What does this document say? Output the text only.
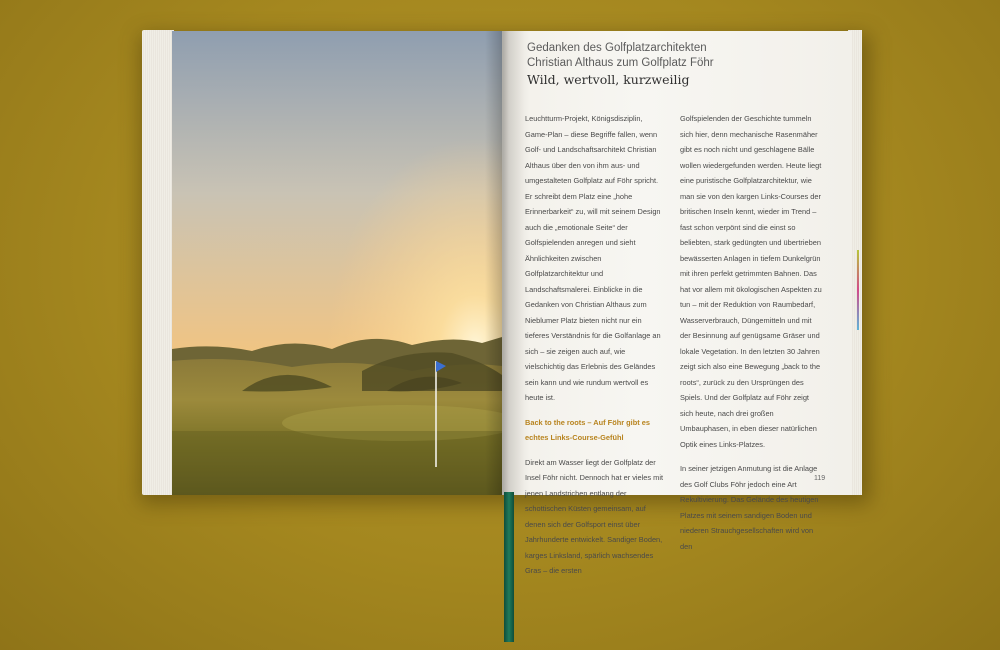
Gedanken des Golfplatzarchitekten
Christian Althaus zum Golfplatz Föhr
Wild, wertvoll, kurzweilig

Leuchtturm-Projekt, Königsdisziplin, Game-Plan – diese Begriffe fallen, wenn Golf- und Landschaftsarchitekt Christian Althaus über den von ihm aus- und umgestalteten Golfplatz auf Föhr spricht. Er schreibt dem Platz eine „hohe Erinnerbarkeit“ zu, will mit seinem Design auch die „emotionale Seite“ der Golfspielenden anregen und sieht Ähnlichkeiten zwischen Golfplatzarchitektur und Landschaftsmalerei. Einblicke in die Gedanken von Christian Althaus zum Nieblumer Platz bieten nicht nur ein tieferes Verständnis für die Golfanlage an sich – sie zeigen auch auf, wie vielschichtig das Erlebnis des Geländes sein kann und wie rundum wertvoll es heute ist.

Back to the roots – Auf Föhr gibt es echtes Links-Course-Gefühl

Direkt am Wasser liegt der Golfplatz der Insel Föhr nicht. Dennoch hat er vieles mit jenen Landstrichen entlang der schottischen Küsten gemeinsam, auf denen sich der Golfsport einst über Jahrhunderte entwickelt. Sandiger Boden, karges Linksland, spärlich wachsendes Gras – die ersten

Golfspielenden der Geschichte tummeln sich hier, denn mechanische Rasenmäher gibt es noch nicht und geschlagene Bälle wollen wiedergefunden werden. Heute liegt eine puristische Golfplatzarchitektur, wie man sie von den kargen Links-Courses der britischen Inseln kennt, wieder im Trend – fast schon verpönt sind die einst so beliebten, stark gedüngten und übertrieben bewässerten Anlagen in tiefem Dunkelgrün mit ihren perfekt getrimmten Bahnen. Das hat vor allem mit ökologischen Aspekten zu tun – mit der Reduktion von Raumbedarf, Wasserverbrauch, Düngemitteln und mit der Besinnung auf genügsame Gräser und lokale Vegetation. In den letzten 30 Jahren zeigt sich also eine Bewegung „back to the roots“, zurück zu den Ursprüngen des Spiels. Und der Golfplatz auf Föhr zeigt sich heute, nach drei großen Umbauphasen, in eben dieser natürlichen Optik eines Links-Platzes.

In seiner jetzigen Anmutung ist die Anlage des Golf Clubs Föhr jedoch eine Art Rekultivierung. Das Gelände des heutigen Platzes mit seinem sandigen Boden und niederen Strauchgesellschaften wird von den

119
